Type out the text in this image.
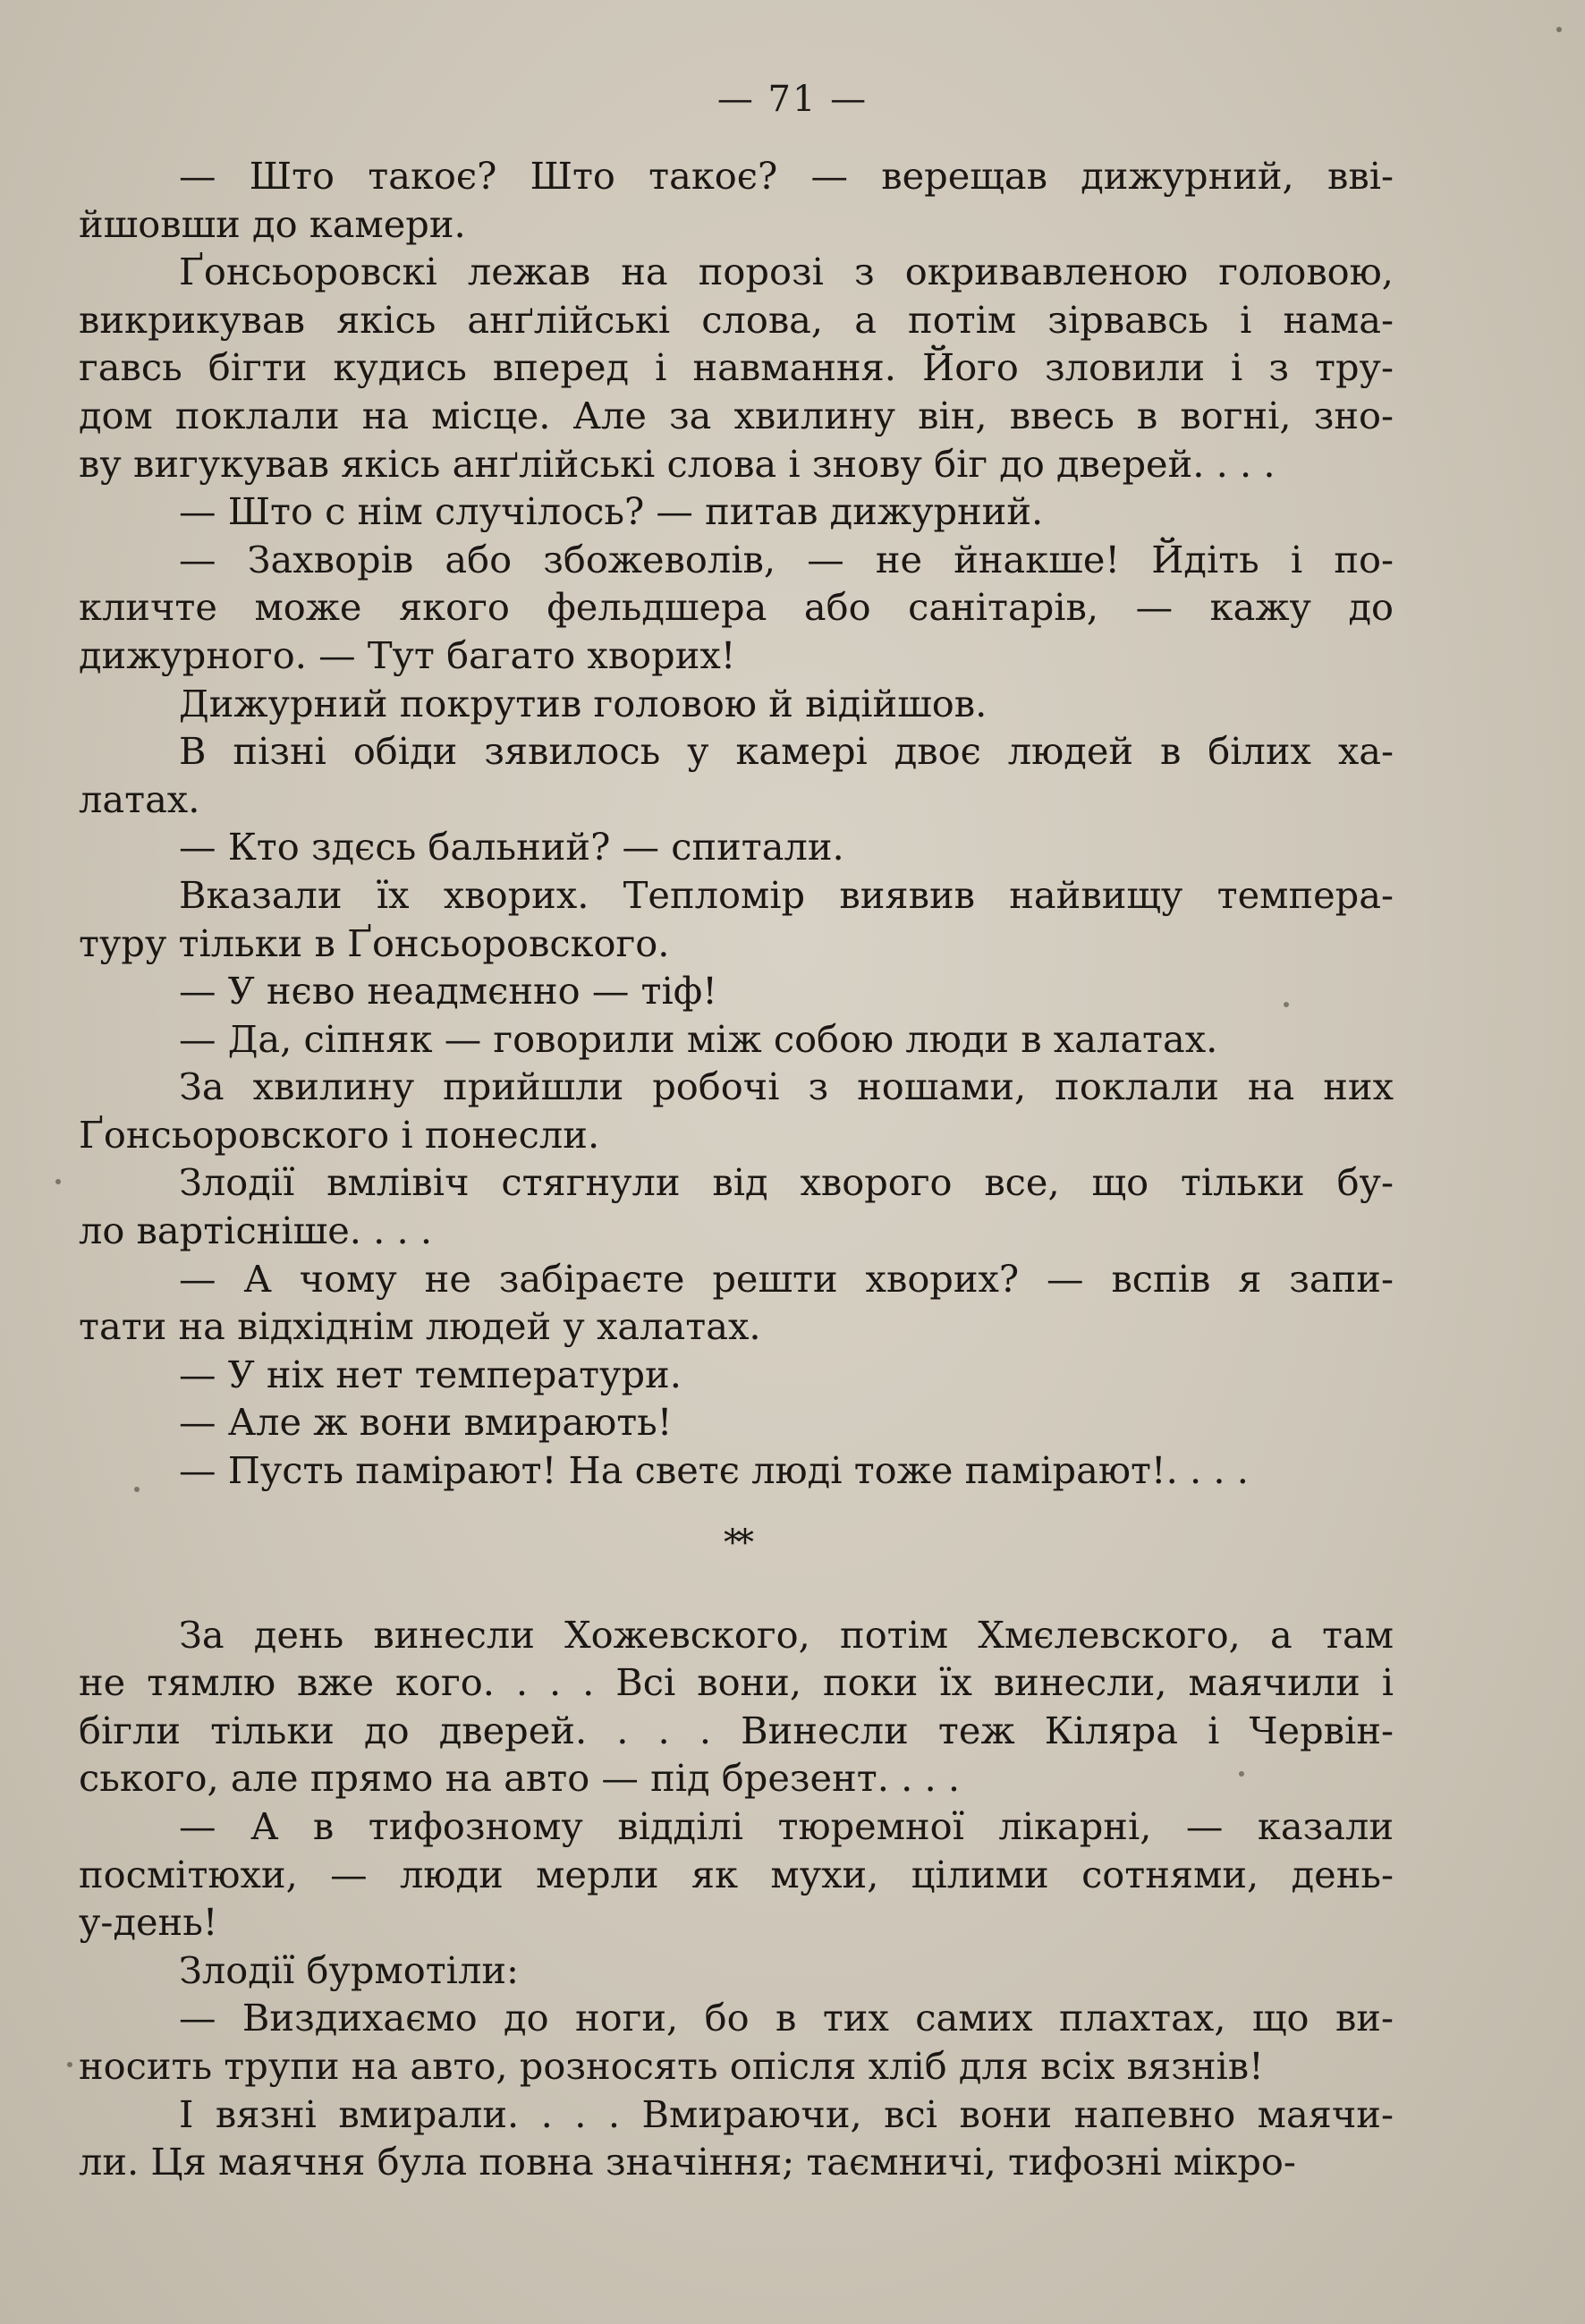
— 71 —
— Што такоє? Што такоє? — верещав дижурний, вві-
йшовши до камери.
Ґонсьоровскі лежав на порозі з окривавленою головою,
викрикував якісь анґлійські слова, а потім зірвавсь і нама-
гавсь бігти кудись вперед і навмання. Його зловили і з тру-
дом поклали на місце. Але за хвилину він, ввесь в вогні, зно-
ву вигукував якісь анґлійські слова і знову біг до дверей. . . .
— Што с нім случілось? — питав дижурний.
— Захворів або збожеволів, — не йнакше! Йдіть і по-
кличте може якого фельдшера або санітарів, — кажу до
дижурного. — Тут багато хворих!
Дижурний покрутив головою й відійшов.
В пізні обіди зявилось у камері двоє людей в білих ха-
латах.
— Кто здєсь бальний? — спитали.
Вказали їх хворих. Тепломір виявив найвищу темпера-
туру тільки в Ґонсьоровского.
— У нєво неадмєнно — тіф!
— Да, сіпняк — говорили між собою люди в халатах.
За хвилину прийшли робочі з ношами, поклали на них
Ґонсьоровского і понесли.
Злодії вмлівіч стягнули від хворого все, що тільки бу-
ло вартісніше. . . .
— А чому не забіраєте решти хворих? — вспів я запи-
тати на відхіднім людей у халатах.
— У ніх нет температури.
— Але ж вони вмирають!
— Пусть паміpают! На светє люді тоже паміpают!. . . .
**
За день винесли Хожевского, потім Хмєлевского, а там
не тямлю вже кого. . . . Всі вони, поки їх винесли, маячили і
бігли тільки до дверей. . . . Винесли теж Кіляра і Червін-
ського, але прямо на авто — під брезент. . . .
— А в тифозному відділі тюремної лікарні, — казали
посмітюхи, — люди мерли як мухи, цілими сотнями, день-
у-день!
Злодії бурмотіли:
— Виздихаємо до ноги, бо в тих самих плахтах, що ви-
носить трупи на авто, розносять опісля хліб для всіх вязнів!
І вязні вмирали. . . . Вмираючи, всі вони напевно маячи-
ли. Ця маячня була повна значіння; таємничі, тифозні мікро-
